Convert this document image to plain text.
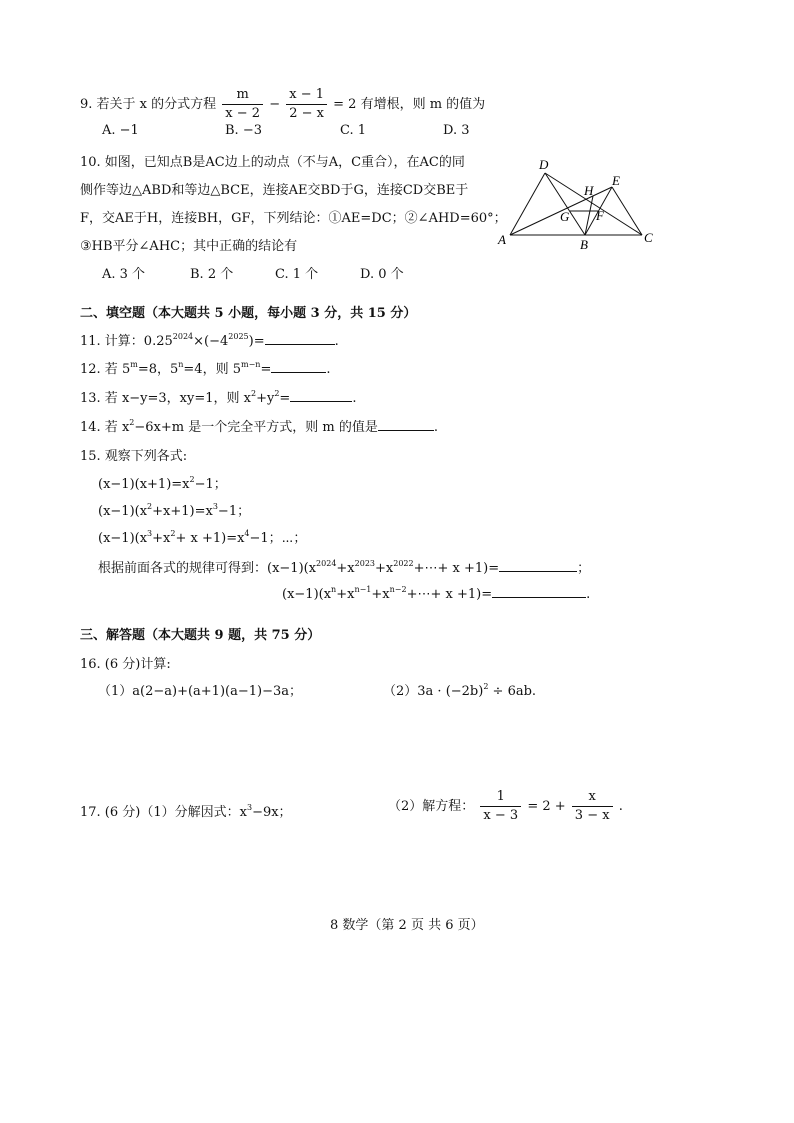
9. 若关于 x 的分式方程 $\frac{m}{x - 2} - \frac{x - 1}{2 - x} = 2$ 有增根，则 m 的值为
A. −1	B. −3	C. 1	D. 3
10. 如图，已知点B是AC边上的动点（不与A，C重合），在AC的同
侧作等边△ABD和等边△BCE，连接AE交BD于G，连接CD交BE于
F，交AE于H，连接BH，GF，下列结论：①AE=DC；②∠AHD=60°；
③HB平分∠AHC；其中正确的结论有
A. 3 个	B. 2 个	C. 1 个	D. 0 个
A	B	C
D
E
G
H
F
二、填空题（本大题共 5 小题，每小题 3 分，共 15 分）
11. 计算：$0.25^{2024}\times(-4^{2025})=$	.
12. 若 $5^m=8$，$5^n=4$，则 $5^{m-n}=$	.
13. 若 x−y=3，xy=1，则 $x^2+y^2=$	.
14. 若 $x^2-6x+m$ 是一个完全平方式，则 m 的值是	.
15. 观察下列各式:
$(x-1)(x+1)=x^2-1$；
$(x-1)(x^2+x+1)=x^3-1$；
$(x-1)(x^3+x^2+ x +1)=x^4-1$；⋯；
根据前面各式的规律可得到：$(x-1)(x^{2024}+x^{2023}+x^{2022}+\cdots+ x +1)=$	；
$(x-1)(x^n+x^{n-1}+x^{n-2}+\cdots+ x +1)=$	.
三、解答题（本大题共 9 题，共 75 分）
16. (6 分)计算:
（1）a(2−a)+(a+1)(a−1)−3a；	$(2)3a \cdot (-2b)^2 \div 6ab$.
17. (6 分)（1）分解因式：$x^3-9x$；	（2）解方程： $\frac{1}{x - 3} = 2 + \frac{x}{3 - x}$ .
8 数学（第 2 页 共 6 页）
